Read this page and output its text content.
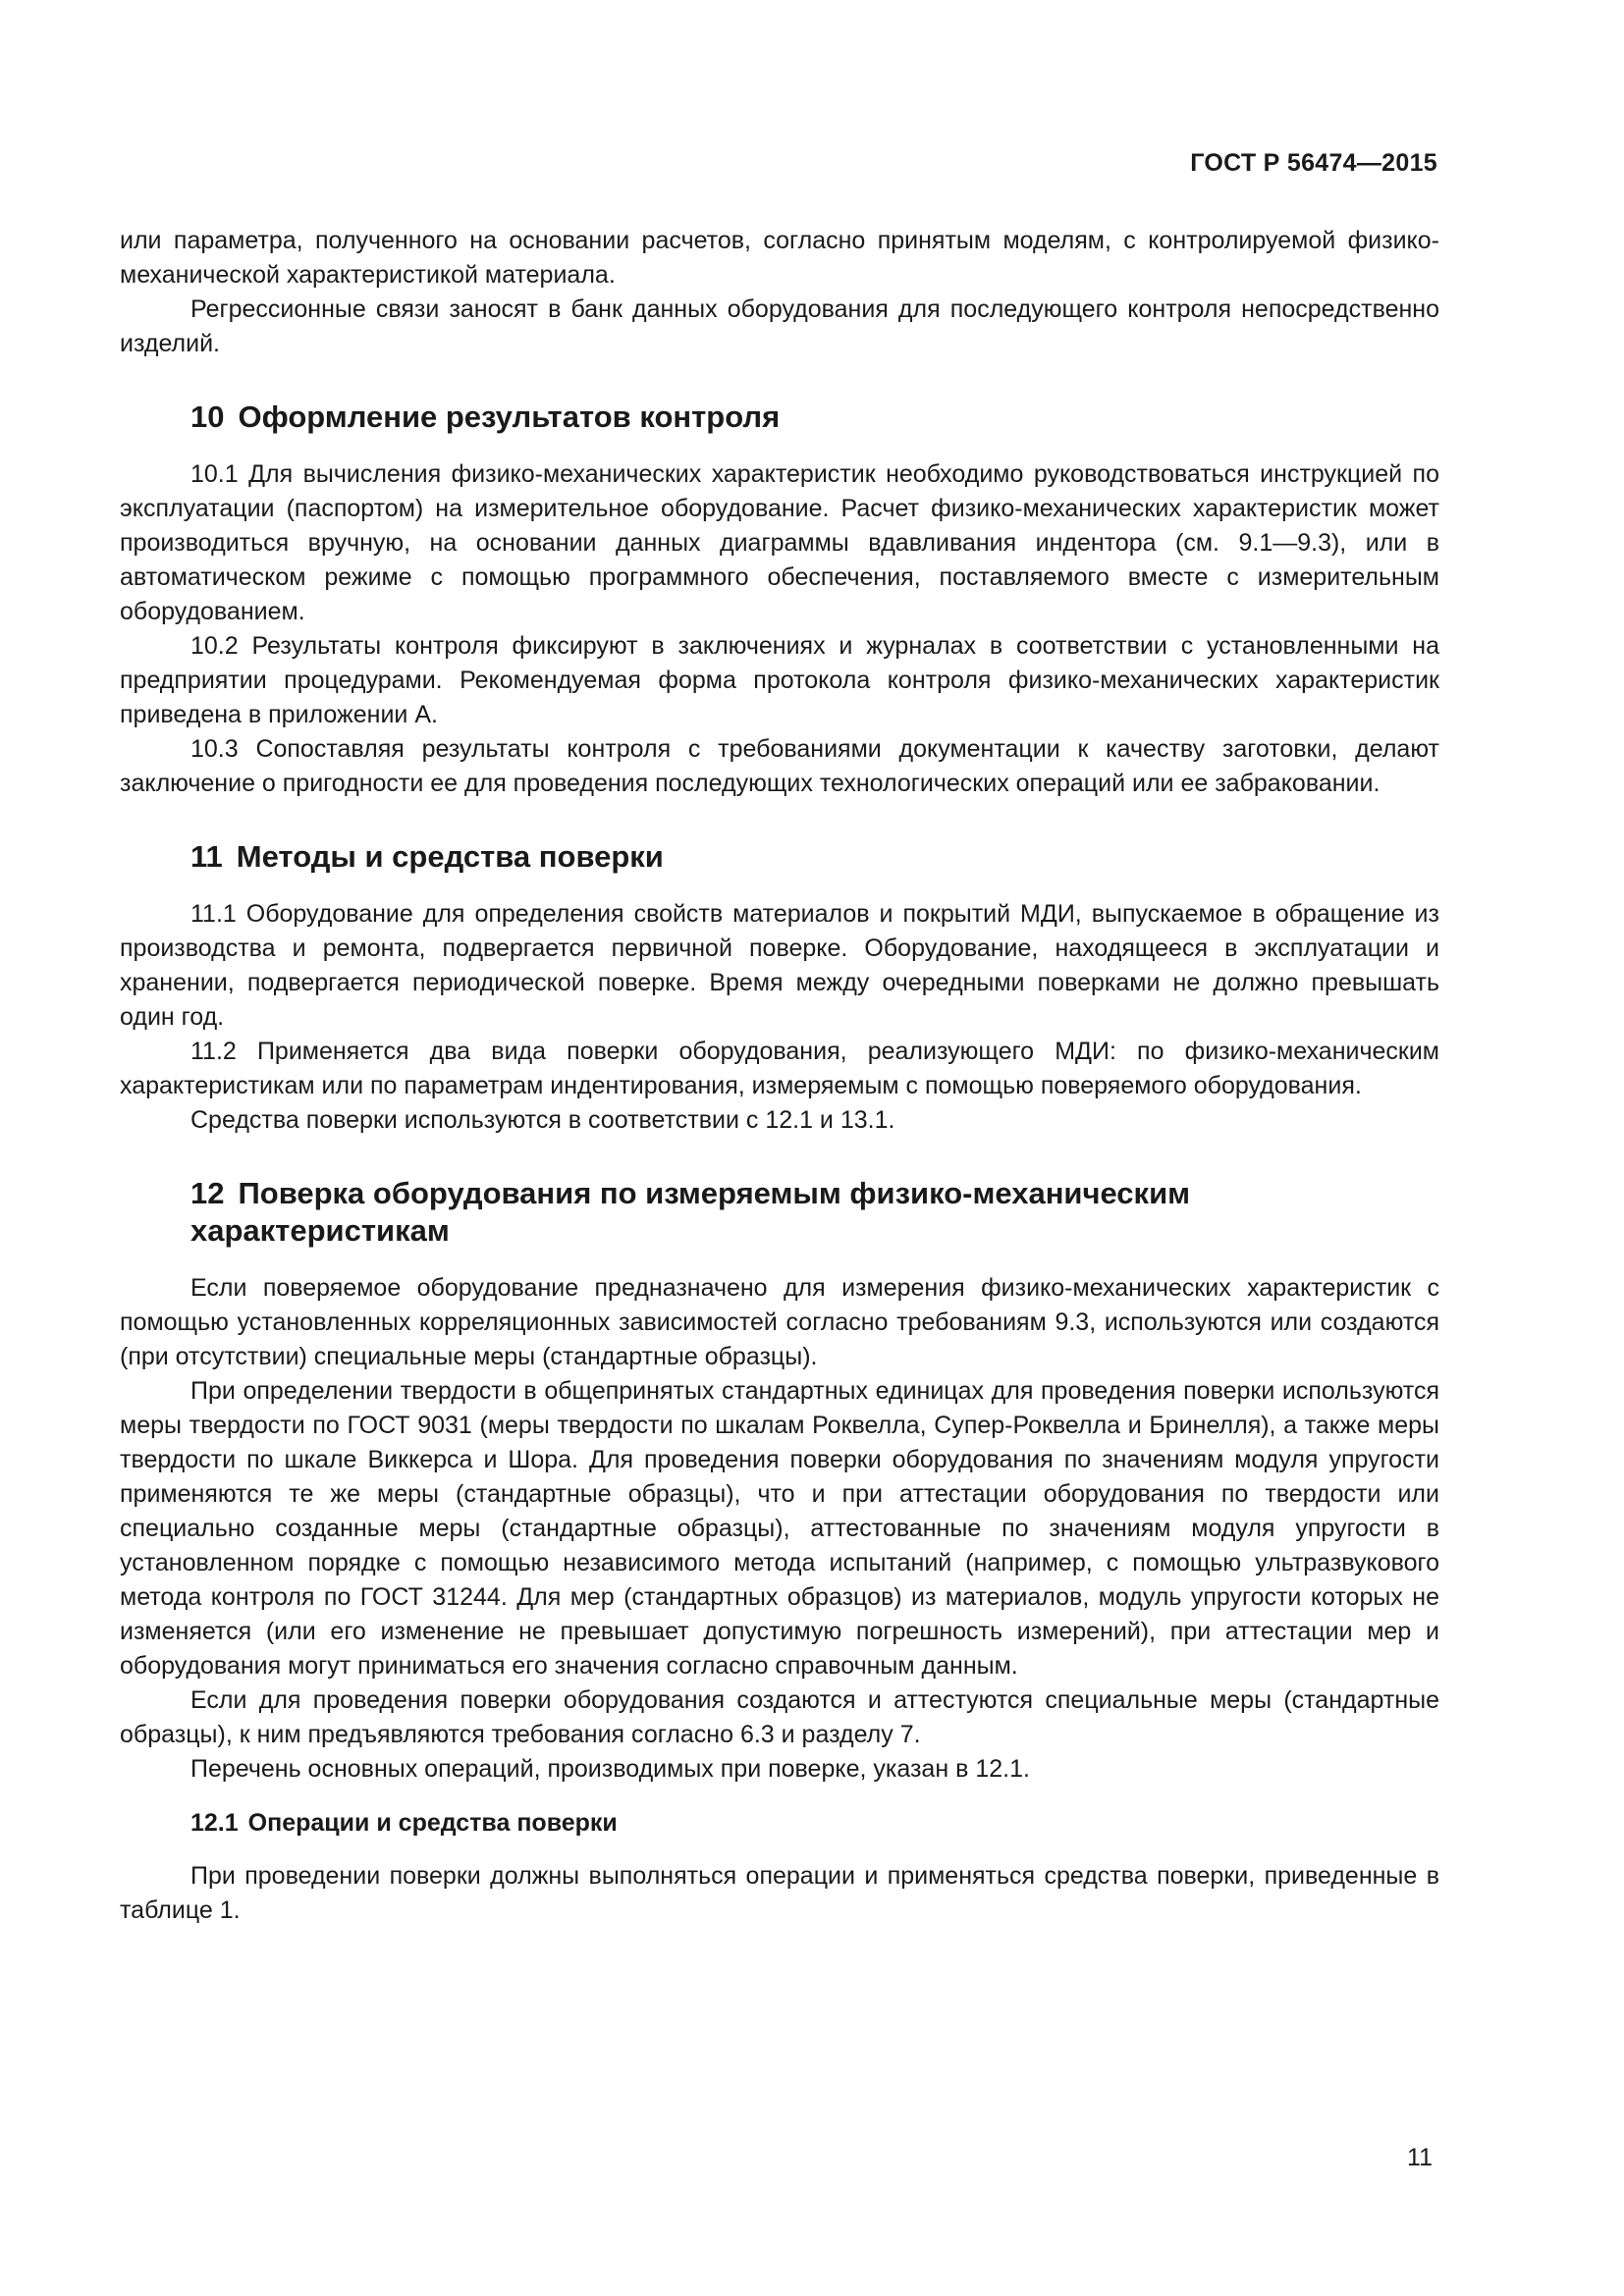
ГОСТ Р 56474—2015

или параметра, полученного на основании расчетов, согласно принятым моделям, с контролируемой физико-механической характеристикой материала.

Регрессионные связи заносят в банк данных оборудования для последующего контроля непосредственно изделий.

10 Оформление результатов контроля

10.1 Для вычисления физико-механических характеристик необходимо руководствоваться инструкцией по эксплуатации (паспортом) на измерительное оборудование. Расчет физико-механических характеристик может производиться вручную, на основании данных диаграммы вдавливания индентора (см. 9.1—9.3), или в автоматическом режиме с помощью программного обеспечения, поставляемого вместе с измерительным оборудованием.

10.2 Результаты контроля фиксируют в заключениях и журналах в соответствии с установленными на предприятии процедурами. Рекомендуемая форма протокола контроля физико-механических характеристик приведена в приложении А.

10.3 Сопоставляя результаты контроля с требованиями документации к качеству заготовки, делают заключение о пригодности ее для проведения последующих технологических операций или ее забраковании.

11 Методы и средства поверки

11.1 Оборудование для определения свойств материалов и покрытий МДИ, выпускаемое в обращение из производства и ремонта, подвергается первичной поверке. Оборудование, находящееся в эксплуатации и хранении, подвергается периодической поверке. Время между очередными поверками не должно превышать один год.

11.2 Применяется два вида поверки оборудования, реализующего МДИ: по физико-механическим характеристикам или по параметрам индентирования, измеряемым с помощью поверяемого оборудования.

Средства поверки используются в соответствии с 12.1 и 13.1.

12 Поверка оборудования по измеряемым физико-механическим характеристикам

Если поверяемое оборудование предназначено для измерения физико-механических характеристик с помощью установленных корреляционных зависимостей согласно требованиям 9.3, используются или создаются (при отсутствии) специальные меры (стандартные образцы).

При определении твердости в общепринятых стандартных единицах для проведения поверки используются меры твердости по ГОСТ 9031 (меры твердости по шкалам Роквелла, Супер-Роквелла и Бринелля), а также меры твердости по шкале Виккерса и Шора. Для проведения поверки оборудования по значениям модуля упругости применяются те же меры (стандартные образцы), что и при аттестации оборудования по твердости или специально созданные меры (стандартные образцы), аттестованные по значениям модуля упругости в установленном порядке с помощью независимого метода испытаний (например, с помощью ультразвукового метода контроля по ГОСТ 31244. Для мер (стандартных образцов) из материалов, модуль упругости которых не изменяется (или его изменение не превышает допустимую погрешность измерений), при аттестации мер и оборудования могут приниматься его значения согласно справочным данным.

Если для проведения поверки оборудования создаются и аттестуются специальные меры (стандартные образцы), к ним предъявляются требования согласно 6.3 и разделу 7.

Перечень основных операций, производимых при поверке, указан в 12.1.

12.1 Операции и средства поверки

При проведении поверки должны выполняться операции и применяться средства поверки, приведенные в таблице 1.

11
